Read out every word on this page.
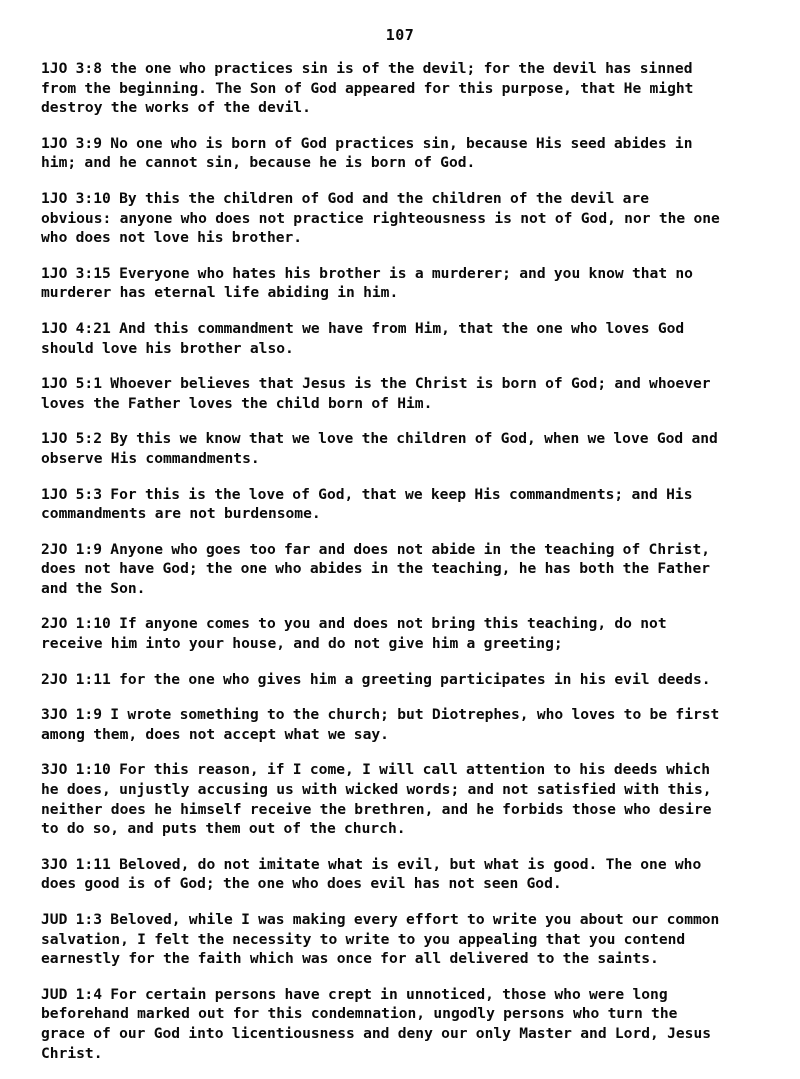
107
1JO 3:8 the one who practices sin is of the devil; for the devil has sinned
from the beginning. The Son of God appeared for this purpose, that He might
destroy the works of the devil.
1JO 3:9 No one who is born of God practices sin, because His seed abides in
him; and he cannot sin, because he is born of God.
1JO 3:10 By this the children of God and the children of the devil are
obvious: anyone who does not practice righteousness is not of God, nor the one
who does not love his brother.
1JO 3:15 Everyone who hates his brother is a murderer; and you know that no
murderer has eternal life abiding in him.
1JO 4:21 And this commandment we have from Him, that the one who loves God
should love his brother also.
1JO 5:1 Whoever believes that Jesus is the Christ is born of God; and whoever
loves the Father loves the child born of Him.
1JO 5:2 By this we know that we love the children of God, when we love God and
observe His commandments.
1JO 5:3 For this is the love of God, that we keep His commandments; and His
commandments are not burdensome.
2JO 1:9 Anyone who goes too far and does not abide in the teaching of Christ,
does not have God; the one who abides in the teaching, he has both the Father
and the Son.
2JO 1:10 If anyone comes to you and does not bring this teaching, do not
receive him into your house, and do not give him a greeting;
2JO 1:11 for the one who gives him a greeting participates in his evil deeds.
3JO 1:9 I wrote something to the church; but Diotrephes, who loves to be first
among them, does not accept what we say.
3JO 1:10 For this reason, if I come, I will call attention to his deeds which
he does, unjustly accusing us with wicked words; and not satisfied with this,
neither does he himself receive the brethren, and he forbids those who desire
to do so, and puts them out of the church.
3JO 1:11 Beloved, do not imitate what is evil, but what is good. The one who
does good is of God; the one who does evil has not seen God.
JUD 1:3 Beloved, while I was making every effort to write you about our common
salvation, I felt the necessity to write to you appealing that you contend
earnestly for the faith which was once for all delivered to the saints.
JUD 1:4 For certain persons have crept in unnoticed, those who were long
beforehand marked out for this condemnation, ungodly persons who turn the
grace of our God into licentiousness and deny our only Master and Lord, Jesus
Christ.
